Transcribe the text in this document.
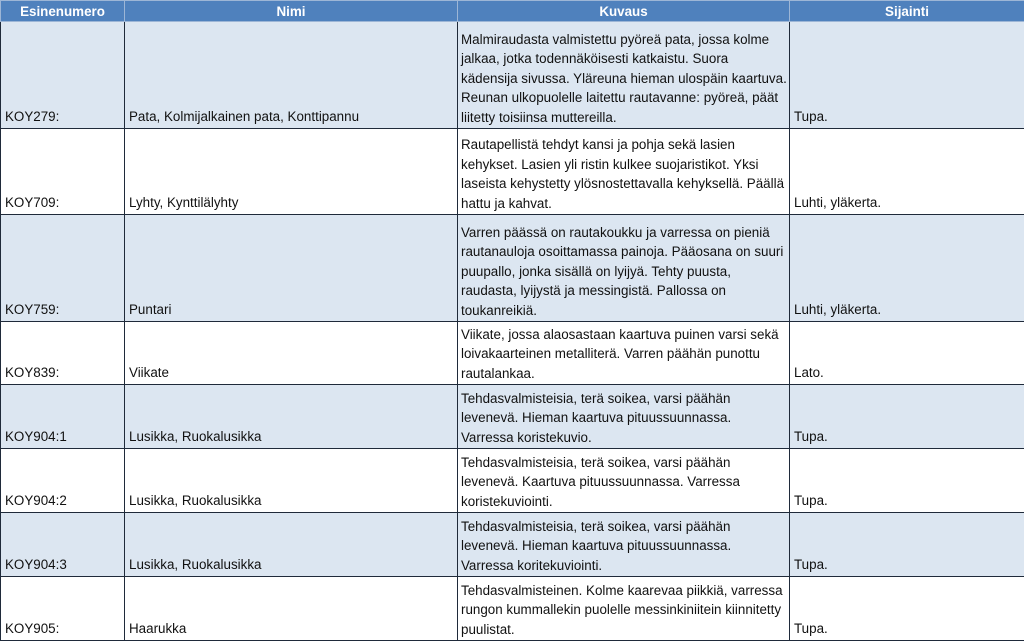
Esinenumero	Nimi	Kuvaus	Sijainti
KOY279:	Pata, Kolmijalkainen pata, Konttipannu	Malmiraudasta valmistettu pyöreä pata, jossa kolme jalkaa, jotka todennäköisesti katkaistu. Suora kädensija sivussa. Yläreuna hieman ulospäin kaartuva. Reunan ulkopuolelle laitettu rautavanne: pyöreä, päät liitetty toisiinsa muttereilla.	Tupa.
KOY709:	Lyhty, Kynttilälyhty	Rautapellistä tehdyt kansi ja pohja sekä lasien kehykset. Lasien yli ristin kulkee suojaristikot. Yksi laseista kehystetty ylösnostettavalla kehyksellä. Päällä hattu ja kahvat.	Luhti, yläkerta.
KOY759:	Puntari	Varren päässä on rautakoukku ja varressa on pieniä rautanauloja osoittamassa painoja. Pääosana on suuri puupallo, jonka sisällä on lyijyä. Tehty puusta, raudasta, lyijystä ja messingistä. Pallossa on toukanreikiä.	Luhti, yläkerta.
KOY839:	Viikate	Viikate, jossa alaosastaan kaartuva puinen varsi sekä loivakaarteinen metalliterä. Varren päähän punottu rautalankaa.	Lato.
KOY904:1	Lusikka, Ruokalusikka	Tehdasvalmisteisia, terä soikea, varsi päähän levenevä. Hieman kaartuva pituussuunnassa. Varressa koristekuvio.	Tupa.
KOY904:2	Lusikka, Ruokalusikka	Tehdasvalmisteisia, terä soikea, varsi päähän levenevä. Kaartuva pituussuunnassa. Varressa koristekuviointi.	Tupa.
KOY904:3	Lusikka, Ruokalusikka	Tehdasvalmisteisia, terä soikea, varsi päähän levenevä. Hieman kaartuva pituussuunnassa. Varressa koritekuviointi.	Tupa.
KOY905:	Haarukka	Tehdasvalmisteinen. Kolme kaarevaa piikkiä, varressa rungon kummallekin puolelle messinkiniitein kiinnitetty puulistat.	Tupa.
